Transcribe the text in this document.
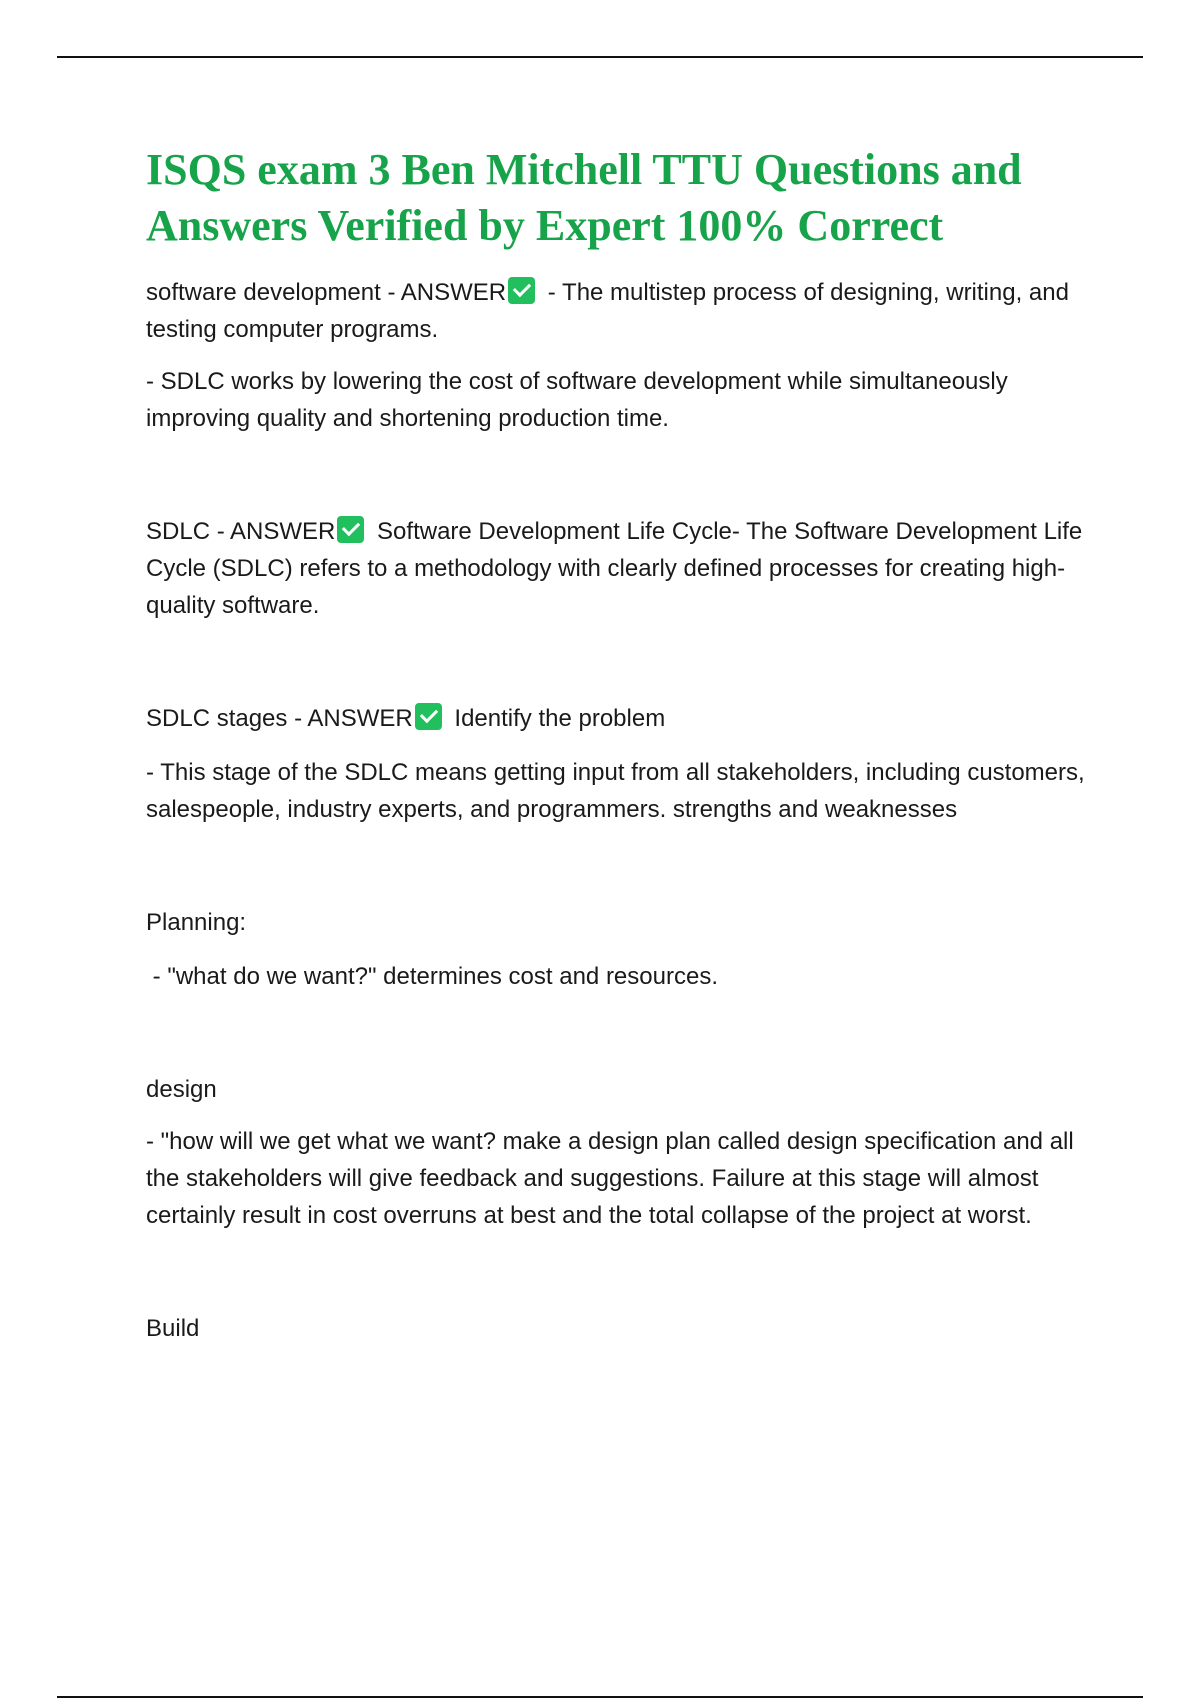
ISQS exam 3 Ben Mitchell TTU Questions and Answers Verified by Expert 100% Correct

software development - ANSWER - The multistep process of designing, writing, and testing computer programs.

- SDLC works by lowering the cost of software development while simultaneously improving quality and shortening production time.

SDLC - ANSWER Software Development Life Cycle- The Software Development Life Cycle (SDLC) refers to a methodology with clearly defined processes for creating high-quality software.

SDLC stages - ANSWER Identify the problem

- This stage of the SDLC means getting input from all stakeholders, including customers, salespeople, industry experts, and programmers. strengths and weaknesses

Planning:

- "what do we want?" determines cost and resources.

design

- "how will we get what we want? make a design plan called design specification and all the stakeholders will give feedback and suggestions. Failure at this stage will almost certainly result in cost overruns at best and the total collapse of the project at worst.

Build
